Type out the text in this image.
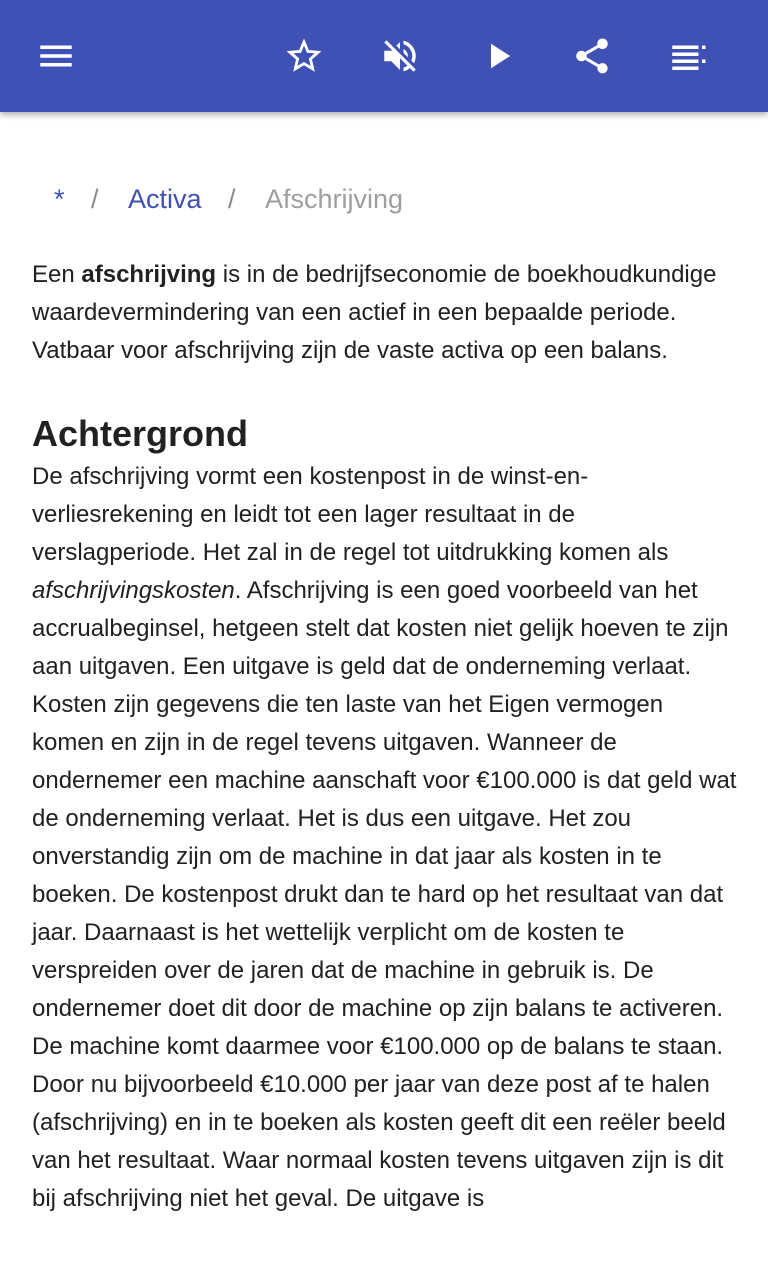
* / Activa / Afschrijving

Een afschrijving is in de bedrijfseconomie de boekhoudkundige waardevermindering van een actief in een bepaalde periode. Vatbaar voor afschrijving zijn de vaste activa op een balans.

Achtergrond

De afschrijving vormt een kostenpost in de winst-en-verliesrekening en leidt tot een lager resultaat in de verslagperiode. Het zal in de regel tot uitdrukking komen als afschrijvingskosten. Afschrijving is een goed voorbeeld van het accrualbeginsel, hetgeen stelt dat kosten niet gelijk hoeven te zijn aan uitgaven. Een uitgave is geld dat de onderneming verlaat. Kosten zijn gegevens die ten laste van het Eigen vermogen komen en zijn in de regel tevens uitgaven. Wanneer de ondernemer een machine aanschaft voor €100.000 is dat geld wat de onderneming verlaat. Het is dus een uitgave. Het zou onverstandig zijn om de machine in dat jaar als kosten in te boeken. De kostenpost drukt dan te hard op het resultaat van dat jaar. Daarnaast is het wettelijk verplicht om de kosten te verspreiden over de jaren dat de machine in gebruik is. De ondernemer doet dit door de machine op zijn balans te activeren. De machine komt daarmee voor €100.000 op de balans te staan. Door nu bijvoorbeeld €10.000 per jaar van deze post af te halen (afschrijving) en in te boeken als kosten geeft dit een reëler beeld van het resultaat. Waar normaal kosten tevens uitgaven zijn is dit bij afschrijving niet het geval. De uitgave is
